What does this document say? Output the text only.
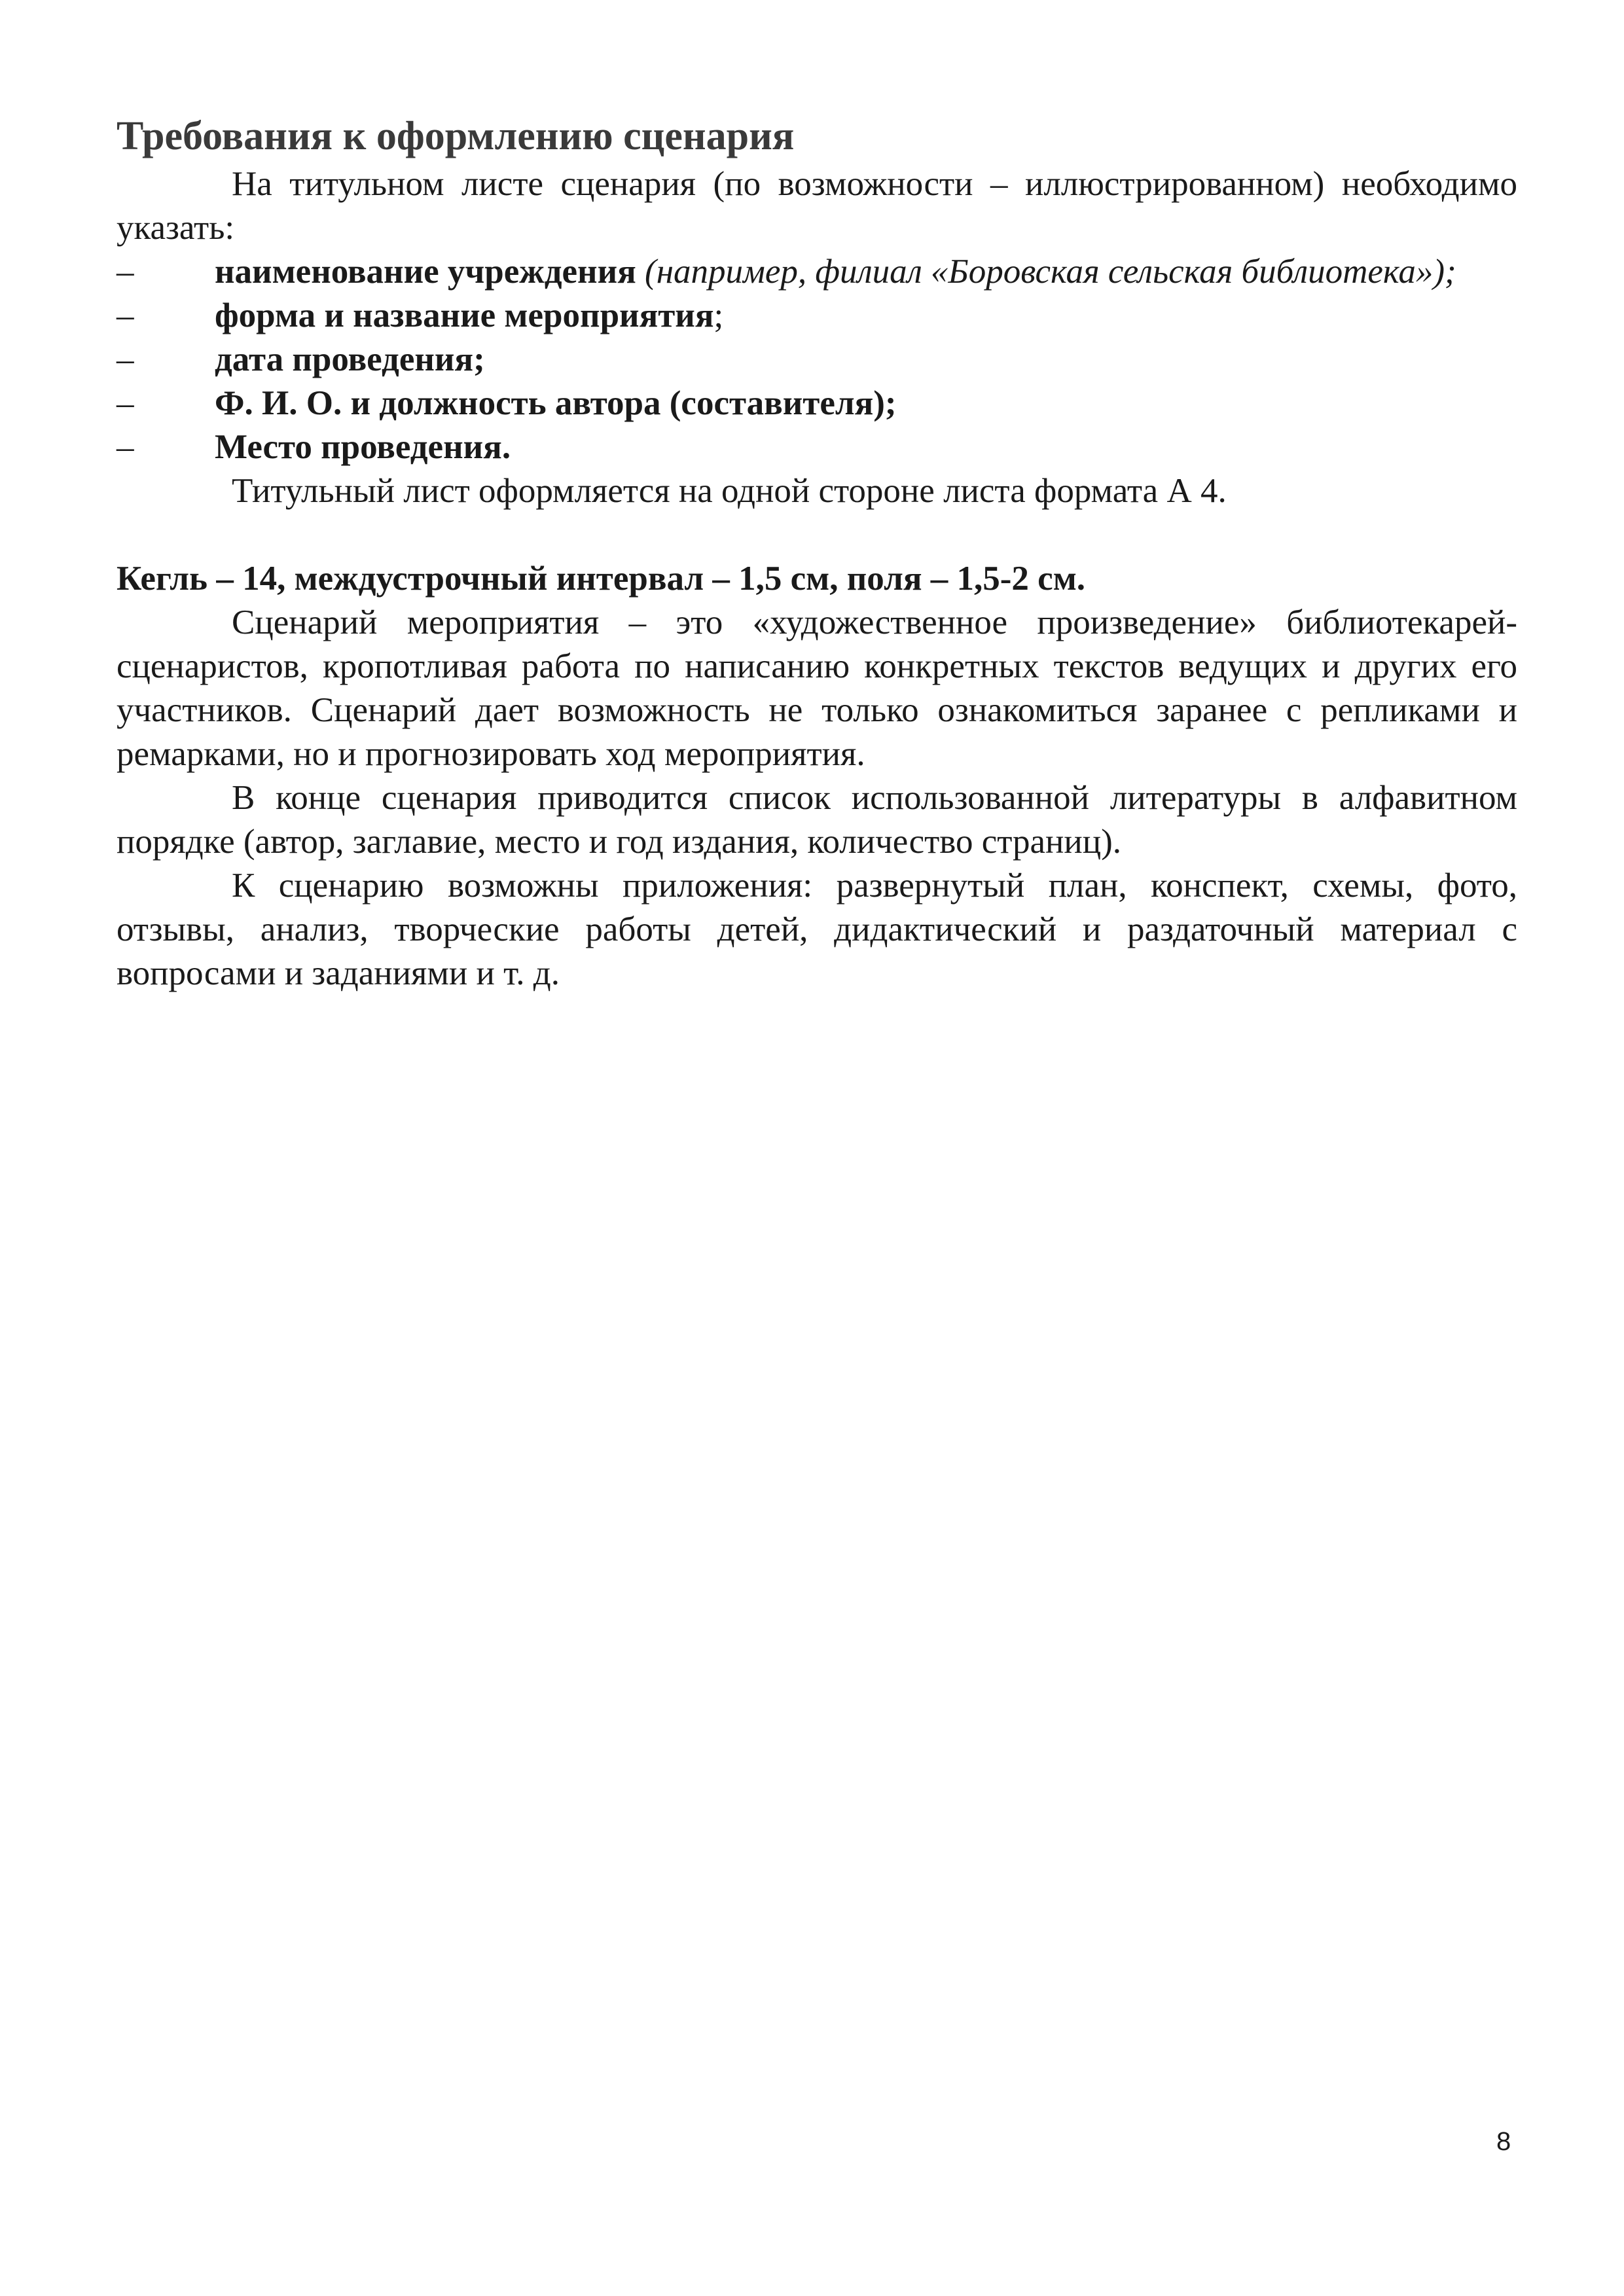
Требования к оформлению сценария

На титульном листе сценария (по возможности – иллюстрированном) необходимо указать:

–	наименование учреждения (например, филиал «Боровская сельская библиотека»);
–	форма и название мероприятия;
–	дата проведения;
–	Ф. И. О. и должность автора (составителя);
–	Место проведения.

Титульный лист оформляется на одной стороне листа формата А 4.

Кегль – 14, междустрочный интервал – 1,5 см, поля – 1,5-2 см.

Сценарий мероприятия – это «художественное произведение» библиотекарей-сценаристов, кропотливая работа по написанию конкретных текстов ведущих и других его участников. Сценарий дает возможность не только ознакомиться заранее с репликами и ремарками, но и прогнозировать ход мероприятия.

В конце сценария приводится список использованной литературы в алфавитном порядке (автор, заглавие, место и год издания, количество страниц).

К сценарию возможны приложения: развернутый план, конспект, схемы, фото, отзывы, анализ, творческие работы детей, дидактический и раздаточный материал с вопросами и заданиями и т. д.

8
